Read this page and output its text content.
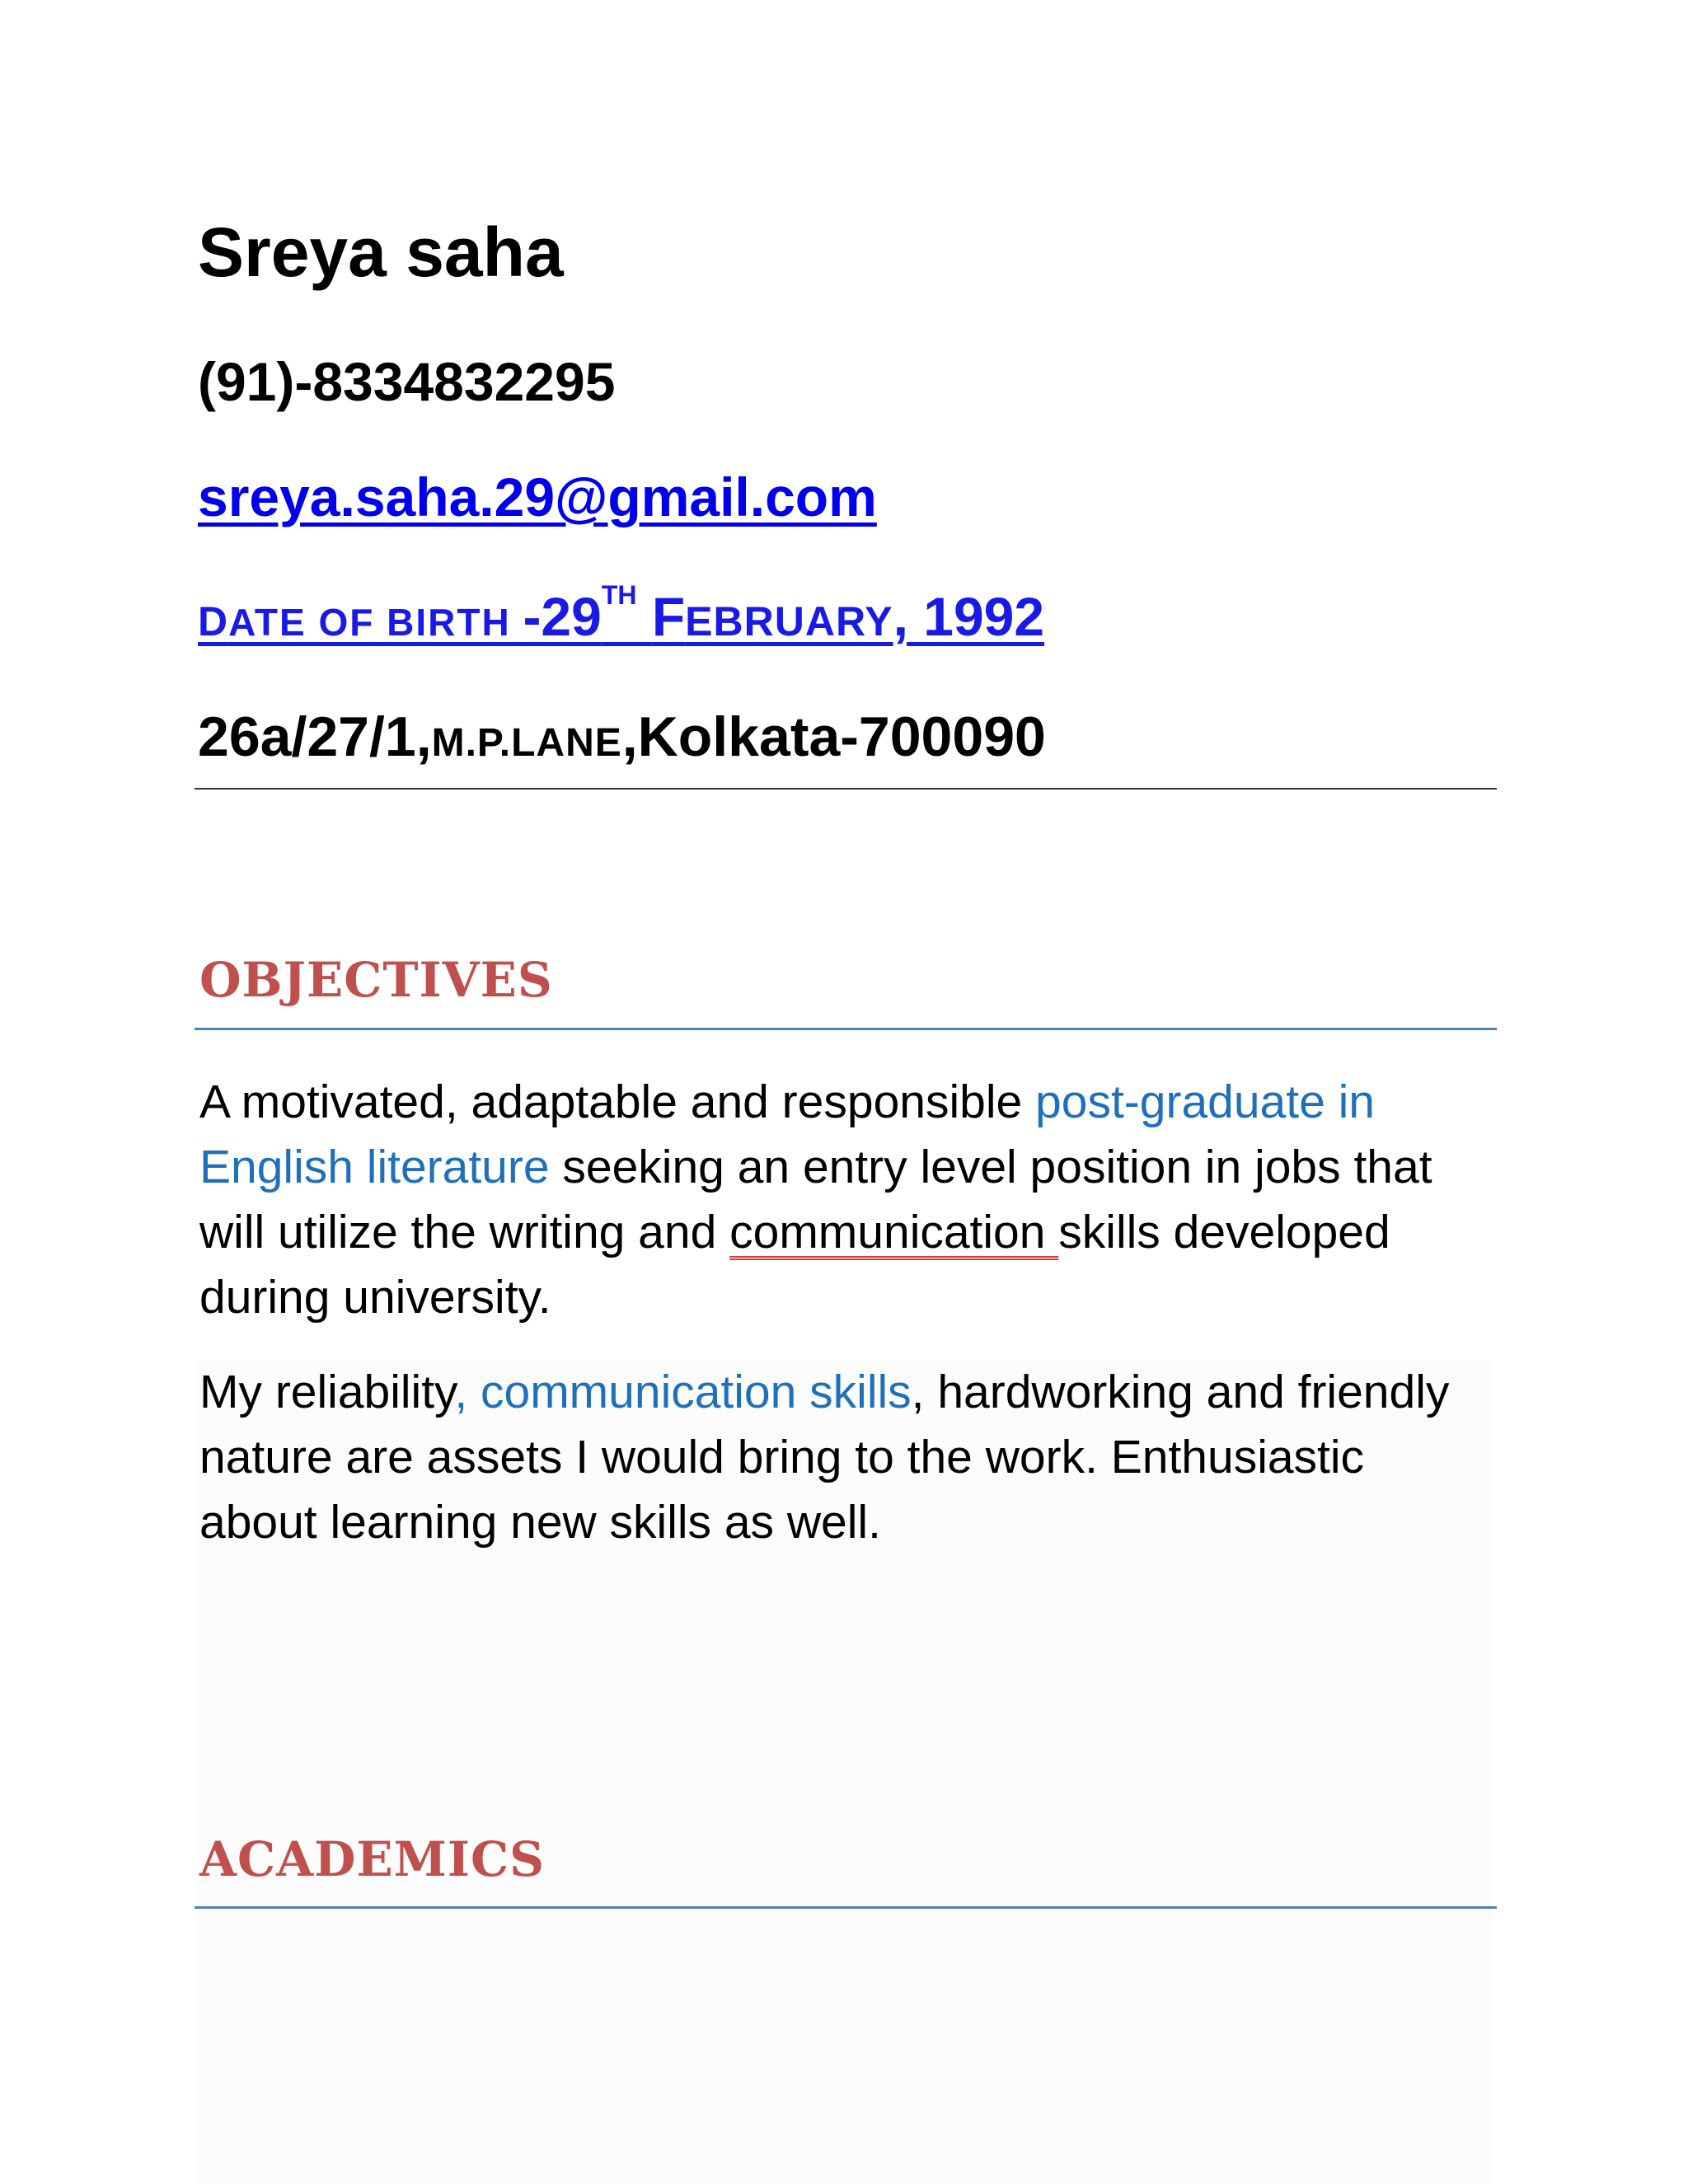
Sreya saha
(91)-8334832295
sreya.saha.29@gmail.com
DATE OF BIRTH -29TH FEBRUARY, 1992
26a/27/1,M.P.LANE,Kolkata-700090
OBJECTIVES
A motivated, adaptable and responsible post-graduate in English literature seeking an entry level position in jobs that will utilize the writing and communication skills developed during university.
My reliability, communication skills, hardworking and friendly nature are assets I would bring to the work. Enthusiastic about learning new skills as well.
ACADEMICS
